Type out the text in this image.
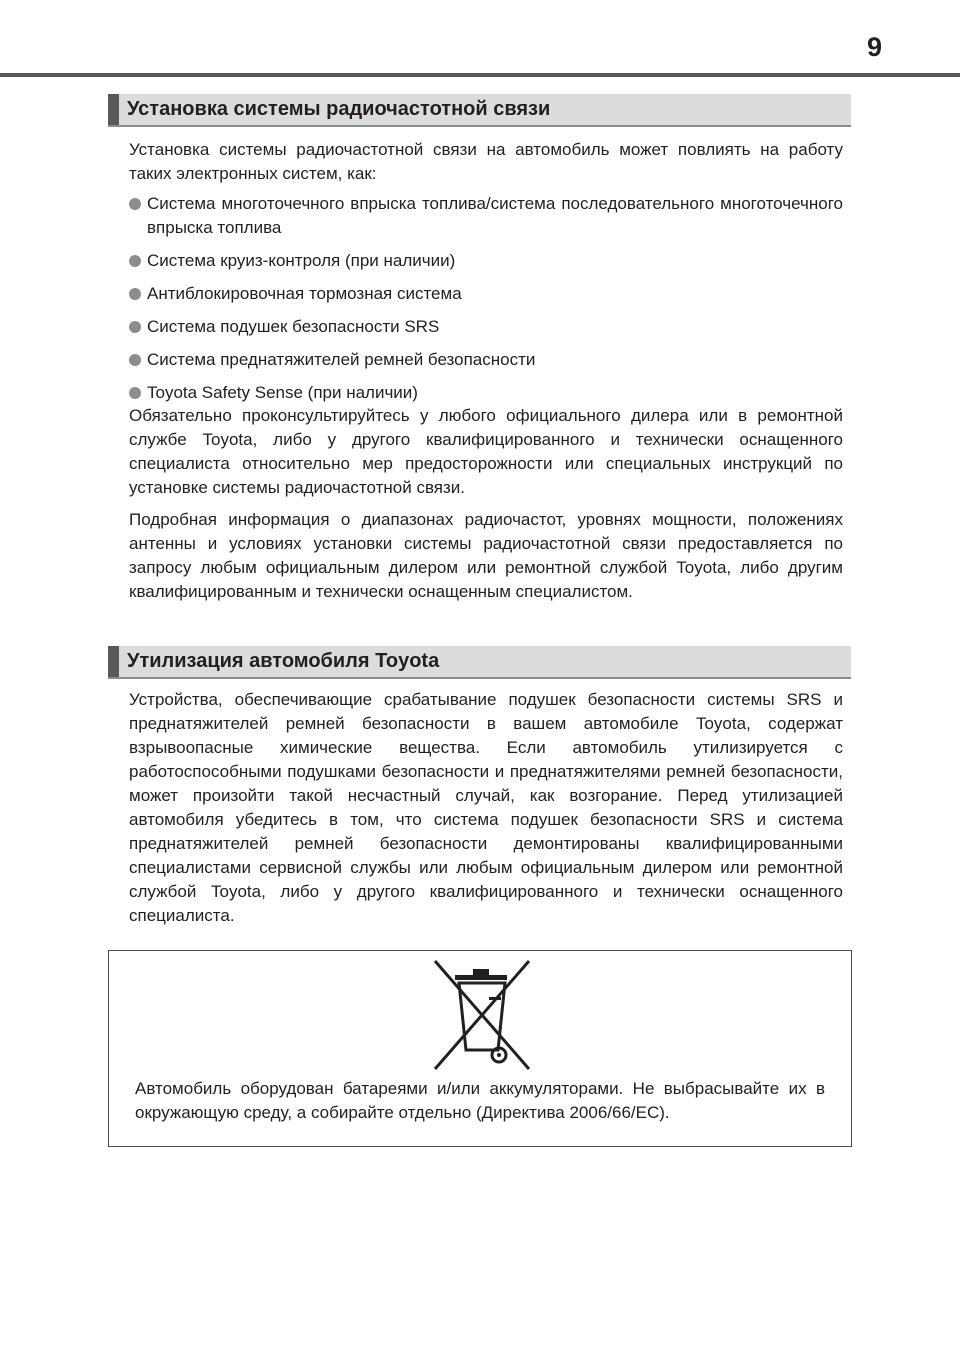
9
Установка системы радиочастотной связи

Установка системы радиочастотной связи на автомобиль может повлиять на работу таких электронных систем, как:

Система многоточечного впрыска топлива/система последовательного многоточечного впрыска топлива
Система круиз-контроля (при наличии)
Антиблокировочная тормозная система
Система подушек безопасности SRS
Система преднатяжителей ремней безопасности
Toyota Safety Sense (при наличии)

Обязательно проконсультируйтесь у любого официального дилера или в ремонтной службе Toyota, либо у другого квалифицированного и технически оснащенного специалиста относительно мер предосторожности или специальных инструкций по установке системы радиочастотной связи.

Подробная информация о диапазонах радиочастот, уровнях мощности, положениях антенны и условиях установки системы радиочастотной связи предоставляется по запросу любым официальным дилером или ремонтной службой Toyota, либо другим квалифицированным и технически оснащенным специалистом.

Утилизация автомобиля Toyota

Устройства, обеспечивающие срабатывание подушек безопасности системы SRS и преднатяжителей ремней безопасности в вашем автомобиле Toyota, содержат взрывоопасные химические вещества. Если автомобиль утилизируется с работоспособными подушками безопасности и преднатяжителями ремней безопасности, может произойти такой несчастный случай, как возгорание. Перед утилизацией автомобиля убедитесь в том, что система подушек безопасности SRS и система преднатяжителей ремней безопасности демонтированы квалифицированными специалистами сервисной службы или любым официальным дилером или ремонтной службой Toyota, либо у другого квалифицированного и технически оснащенного специалиста.

Автомобиль оборудован батареями и/или аккумуляторами. Не выбрасывайте их в окружающую среду, а собирайте отдельно (Директива 2006/66/EC).
